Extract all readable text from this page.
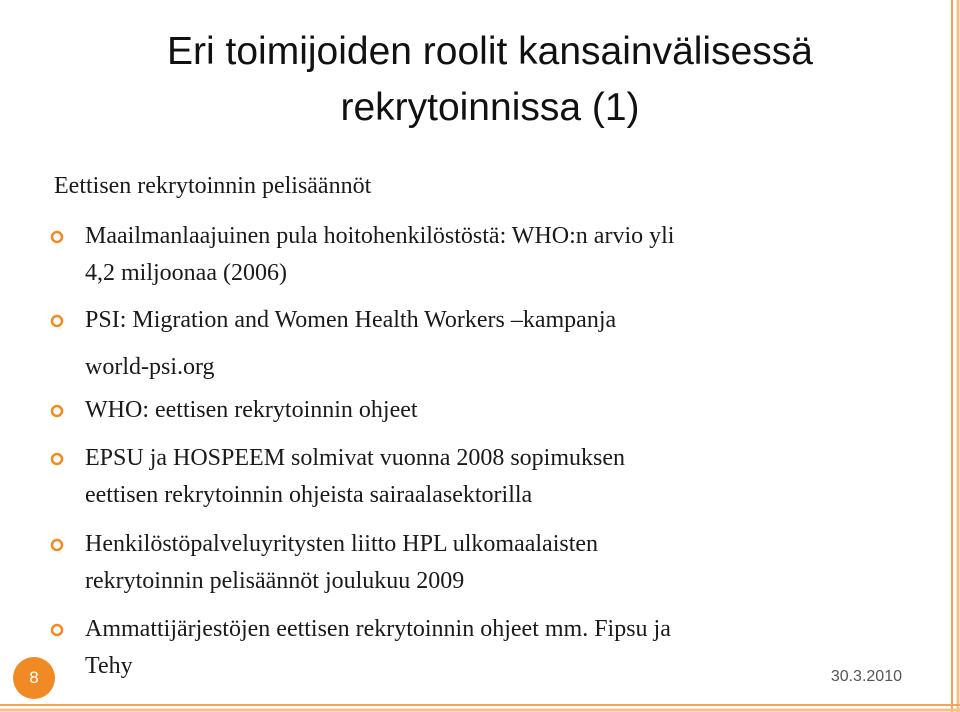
Eri toimijoiden roolit kansainvälisessä
rekrytoinnissa (1)
Eettisen rekrytoinnin pelisäännöt
Maailmanlaajuinen pula hoitohenkilöstöstä: WHO:n arvio yli
4,2 miljoonaa (2006)
PSI: Migration and Women Health Workers –kampanja
WHO: eettisen rekrytoinnin ohjeet
EPSU ja HOSPEEM solmivat vuonna 2008 sopimuksen
eettisen rekrytoinnin ohjeista sairaalasektorilla
Henkilöstöpalveluyritysten liitto HPL ulkomaalaisten
rekrytoinnin pelisäännöt joulukuu 2009
Ammattijärjestöjen eettisen rekrytoinnin ohjeet mm. Fipsu ja
Tehy
world-psi.org
8	30.3.2010
